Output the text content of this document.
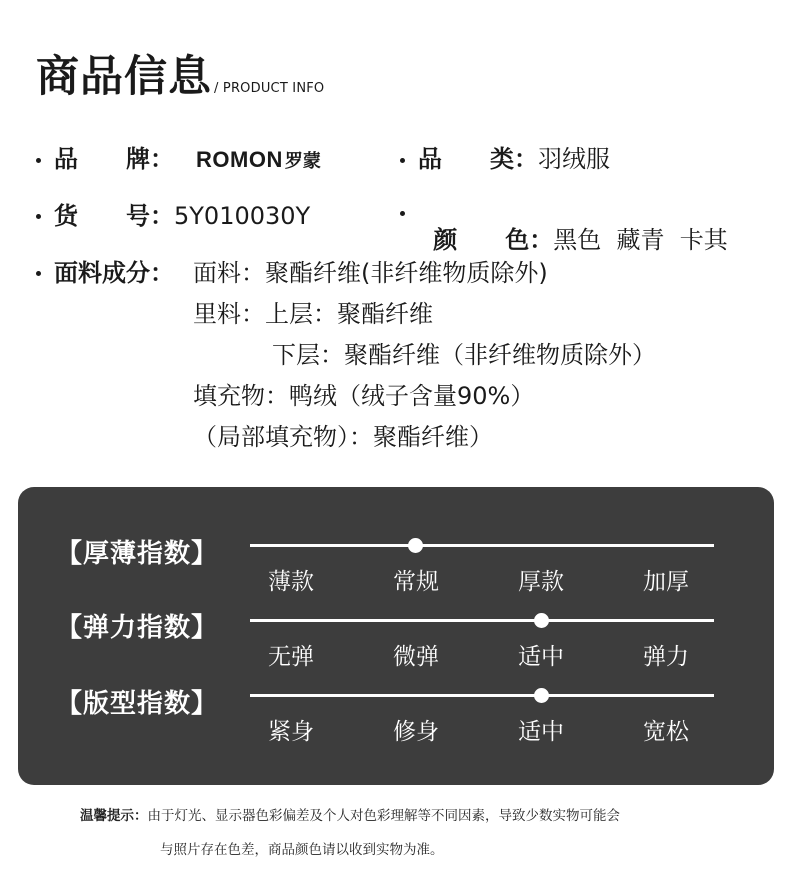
商品信息 / PRODUCT INFO
品　　牌： ROMON 罗蒙	品　　类：羽绒服
货　　号：5Y010030Y

颜　　色：黑色  藏青  卡其

面料成分： 面料：聚酯纤维(非纤维物质除外)
里料：上层：聚酯纤维
下层：聚酯纤维（非纤维物质除外）
填充物：鸭绒（绒子含量90%）
（局部填充物）：聚酯纤维）
【厚薄指数】
薄款	常规	厚款	加厚
【弹力指数】
无弹	微弹	适中	弹力
【版型指数】
紧身	修身	适中	宽松
温馨提示：由于灯光、显示器色彩偏差及个人对色彩理解等不同因素，导致少数实物可能会
与照片存在色差，商品颜色请以收到实物为准。
